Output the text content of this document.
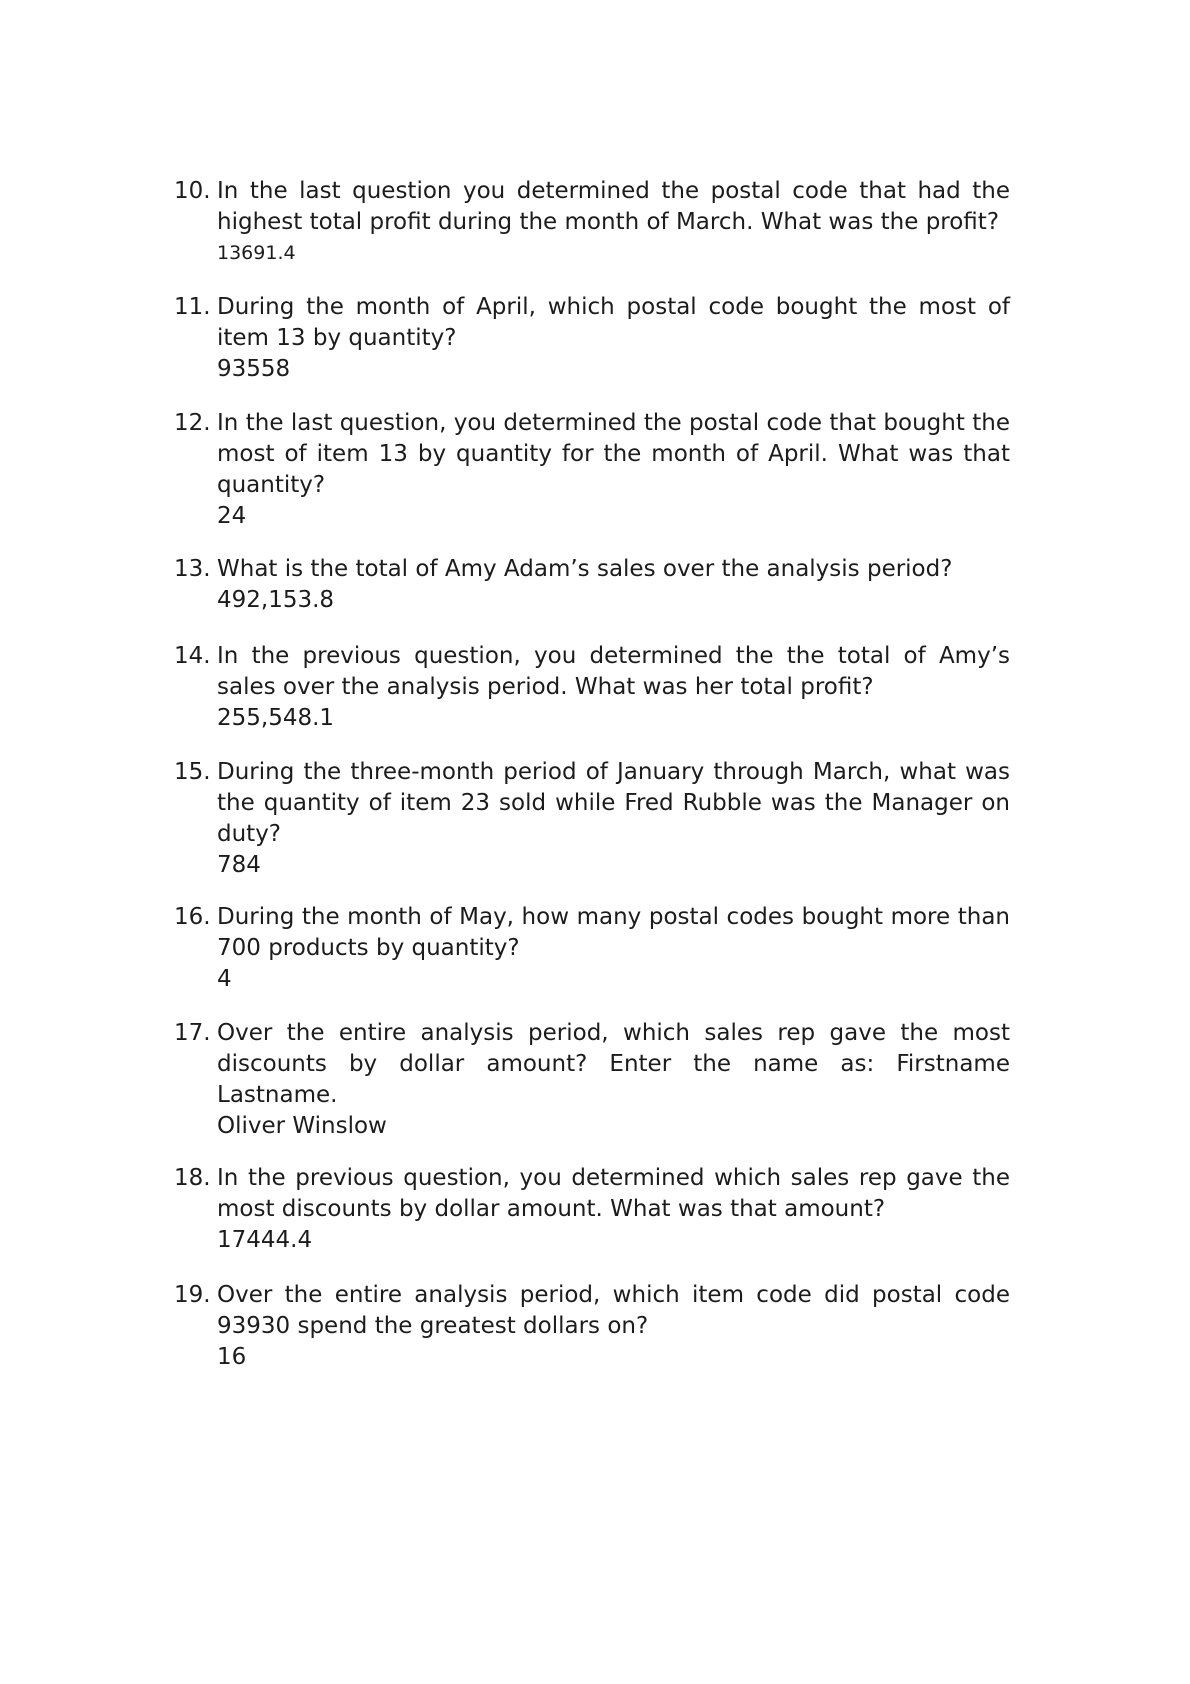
10. In the last question you determined the postal code that had the highest total profit during the month of March. What was the profit?
13691.4
11. During the month of April, which postal code bought the most of item 13 by quantity?
93558
12. In the last question, you determined the postal code that bought the most of item 13 by quantity for the month of April. What was that quantity?
24
13. What is the total of Amy Adam’s sales over the analysis period?
492,153.8
14. In the previous question, you determined the the total of Amy’s sales over the analysis period. What was her total profit?
255,548.1
15. During the three-month period of January through March, what was the quantity of item 23 sold while Fred Rubble was the Manager on duty?
784
16. During the month of May, how many postal codes bought more than 700 products by quantity?
4
17. Over the entire analysis period, which sales rep gave the most discounts by dollar amount? Enter the name as: Firstname Lastname.
Oliver Winslow
18. In the previous question, you determined which sales rep gave the most discounts by dollar amount. What was that amount?
17444.4
19. Over the entire analysis period, which item code did postal code 93930 spend the greatest dollars on?
16
